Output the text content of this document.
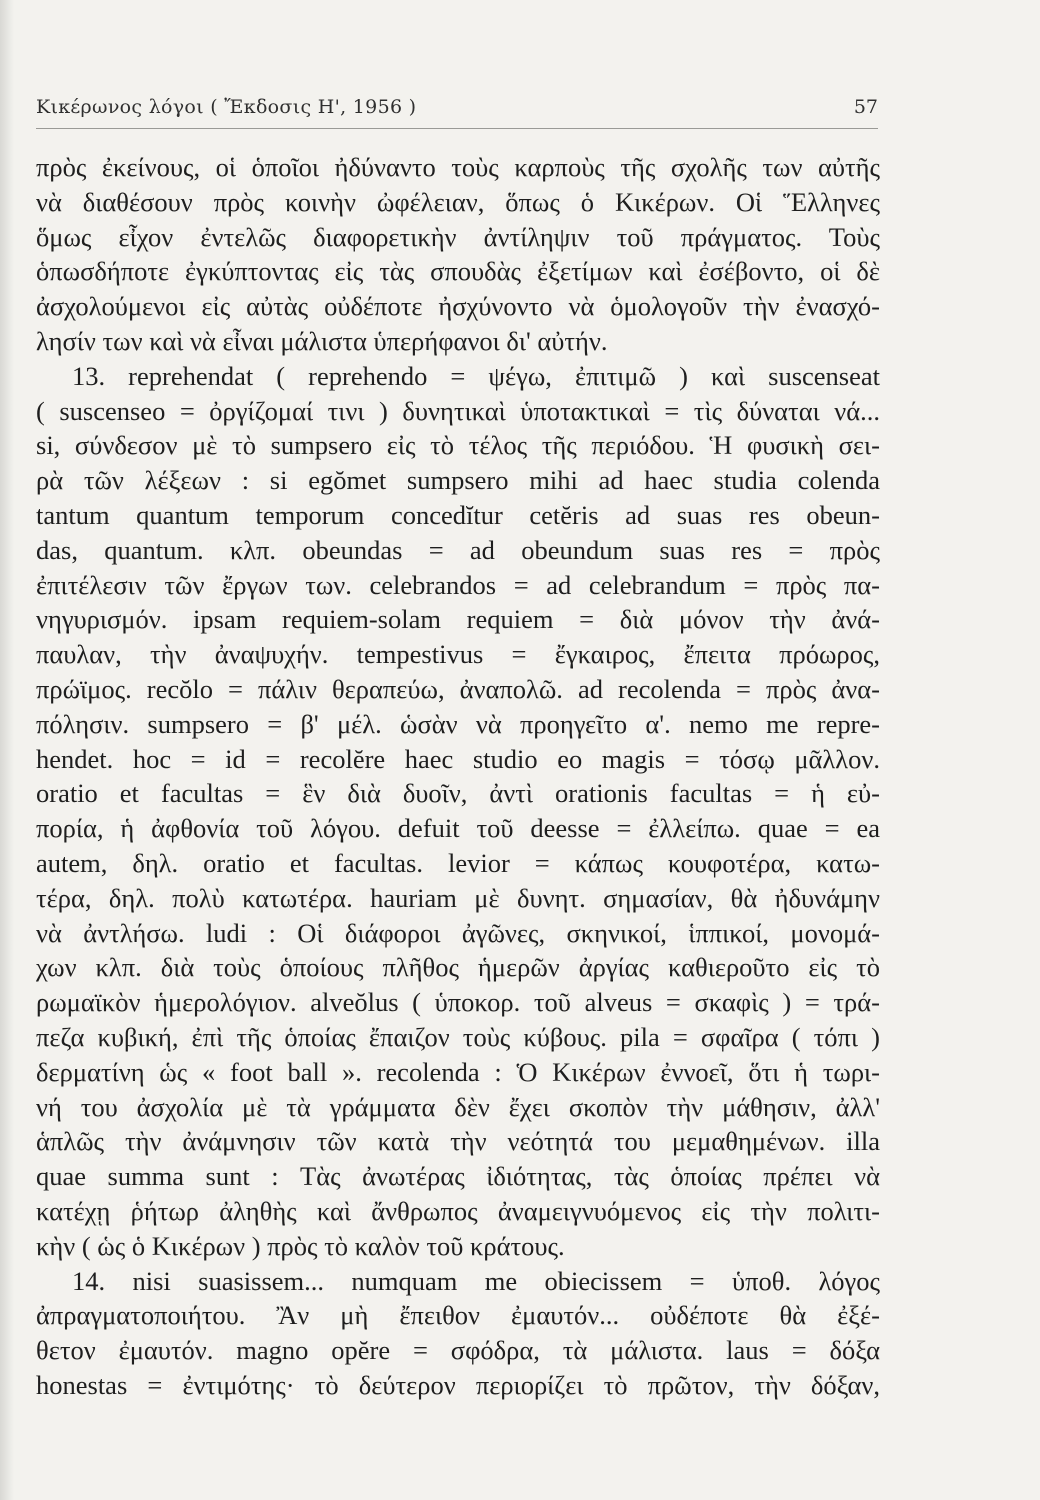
Κικέρωνος λόγοι ( Ἔκδοσις Η', 1956 )	57
πρὸς ἐκείνους, οἱ ὁποῖοι ἠδύναντο τοὺς καρποὺς τῆς σχολῆς των αὐτῆς
νὰ διαθέσουν πρὸς κοινὴν ὠφέλειαν, ὅπως ὁ Κικέρων. Οἱ Ἕλληνες
ὅμως εἶχον ἐντελῶς διαφορετικὴν ἀντίληψιν τοῦ πράγματος. Τοὺς
ὁπωσδήποτε ἐγκύπτοντας εἰς τὰς σπουδὰς ἐξετίμων καὶ ἐσέβοντο, οἱ δὲ
ἀσχολούμενοι εἰς αὐτὰς οὐδέποτε ἠσχύνοντο νὰ ὁμολογοῦν τὴν ἐνασχό-
λησίν των καὶ νὰ εἶναι μάλιστα ὑπερήφανοι δι' αὐτήν.
13. reprehendat ( reprehendo = ψέγω, ἐπιτιμῶ ) καὶ suscenseat
( suscenseo = ὀργίζομαί τινι ) δυνητικαὶ ὑποτακτικαὶ = τὶς δύναται νά...
si, σύνδεσον μὲ τὸ sumpsero εἰς τὸ τέλος τῆς περιόδου. Ἡ φυσικὴ σει-
ρὰ τῶν λέξεων : si egŏmet sumpsero mihi ad haec studia colenda
tantum quantum temporum concedĭtur cetĕris ad suas res obeun-
das, quantum. κλπ. obeundas = ad obeundum suas res = πρὸς
ἐπιτέλεσιν τῶν ἔργων των. celebrandos = ad celebrandum = πρὸς πα-
νηγυρισμόν. ipsam requiem-solam requiem = διὰ μόνον τὴν ἀνά-
παυλαν, τὴν ἀναψυχήν. tempestivus = ἔγκαιρος, ἔπειτα πρόωρος,
πρώϊμος. recŏlo = πάλιν θεραπεύω, ἀναπολῶ. ad recolenda = πρὸς ἀνα-
πόλησιν. sumpsero = β' μέλ. ὡσὰν νὰ προηγεῖτο α'. nemo me repre-
hendet. hoc = id = recolĕre haec studio eo magis = τόσῳ μᾶλλον.
oratio et facultas = ἓν διὰ δυοῖν, ἀντὶ orationis facultas = ἡ εὐ-
πορία, ἡ ἀφθονία τοῦ λόγου. defuit τοῦ deesse = ἐλλείπω. quae = ea
autem, δηλ. oratio et facultas. levior = κάπως κουφοτέρα, κατω-
τέρα, δηλ. πολὺ κατωτέρα. hauriam μὲ δυνητ. σημασίαν, θὰ ἠδυνάμην
νὰ ἀντλήσω. ludi : Οἱ διάφοροι ἀγῶνες, σκηνικοί, ἱππικοί, μονομά-
χων κλπ. διὰ τοὺς ὁποίους πλῆθος ἡμερῶν ἀργίας καθιεροῦτο εἰς τὸ
ρωμαϊκὸν ἡμερολόγιον. alveŏlus ( ὑποκορ. τοῦ alveus = σκαφὶς ) = τρά-
πεζα κυβική, ἐπὶ τῆς ὁποίας ἔπαιζον τοὺς κύβους. pila = σφαῖρα ( τόπι )
δερματίνη ὡς « foot ball ». recolenda : Ὁ Κικέρων ἐννοεῖ, ὅτι ἡ τωρι-
νή του ἀσχολία μὲ τὰ γράμματα δὲν ἔχει σκοπὸν τὴν μάθησιν, ἀλλ'
ἁπλῶς τὴν ἀνάμνησιν τῶν κατὰ τὴν νεότητά του μεμαθημένων. illa
quae summa sunt : Τὰς ἀνωτέρας ἰδιότητας, τὰς ὁποίας πρέπει νὰ
κατέχῃ ῥήτωρ ἀληθὴς καὶ ἄνθρωπος ἀναμειγνυόμενος εἰς τὴν πολιτι-
κὴν ( ὡς ὁ Κικέρων ) πρὸς τὸ καλὸν τοῦ κράτους.
14. nisi suasissem... numquam me obiecissem = ὑποθ. λόγος
ἀπραγματοποιήτου. Ἂν μὴ ἔπειθον ἐμαυτόν... οὐδέποτε θὰ ἐξέ-
θετον ἐμαυτόν. magno opĕre = σφόδρα, τὰ μάλιστα. laus = δόξα
honestas = ἐντιμότης· τὸ δεύτερον περιορίζει τὸ πρῶτον, τὴν δόξαν,
